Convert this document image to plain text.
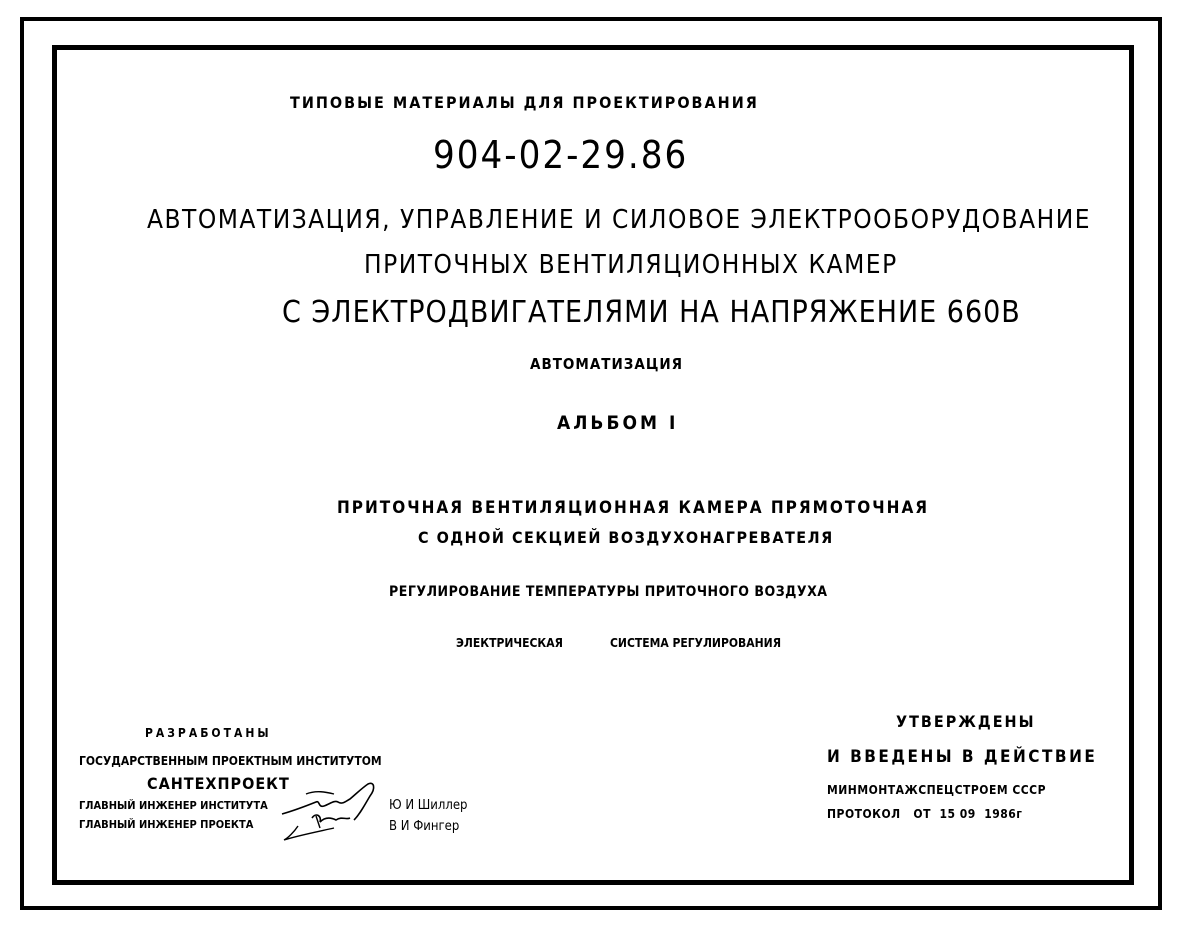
ТИПОВЫЕ МАТЕРИАЛЫ ДЛЯ ПРОЕКТИРОВАНИЯ
904-02-29.86
АВТОМАТИЗАЦИЯ, УПРАВЛЕНИЕ И СИЛОВОЕ ЭЛЕКТРООБОРУДОВАНИЕ
ПРИТОЧНЫХ ВЕНТИЛЯЦИОННЫХ КАМЕР
С ЭЛЕКТРОДВИГАТЕЛЯМИ НА НАПРЯЖЕНИЕ 660В
АВТОМАТИЗАЦИЯ
АЛЬБОМ I
ПРИТОЧНАЯ ВЕНТИЛЯЦИОННАЯ КАМЕРА ПРЯМОТОЧНАЯ
С ОДНОЙ СЕКЦИЕЙ ВОЗДУХОНАГРЕВАТЕЛЯ
РЕГУЛИРОВАНИЕ ТЕМПЕРАТУРЫ ПРИТОЧНОГО ВОЗДУХА
ЭЛЕКТРИЧЕСКАЯ	СИСТЕМА РЕГУЛИРОВАНИЯ
РАЗРАБОТАНЫ
ГОСУДАРСТВЕННЫМ ПРОЕКТНЫМ ИНСТИТУТОМ
САНТЕХПРОЕКТ
ГЛАВНЫЙ ИНЖЕНЕР ИНСТИТУТА
ГЛАВНЫЙ ИНЖЕНЕР ПРОЕКТА
Ю И Шиллер
В И Фингер
УТВЕРЖДЕНЫ
И ВВЕДЕНЫ В ДЕЙСТВИЕ
МИНМОНТАЖСПЕЦСТРОЕМ СССР
ПРОТОКОЛ   ОТ  15 09  1986г
